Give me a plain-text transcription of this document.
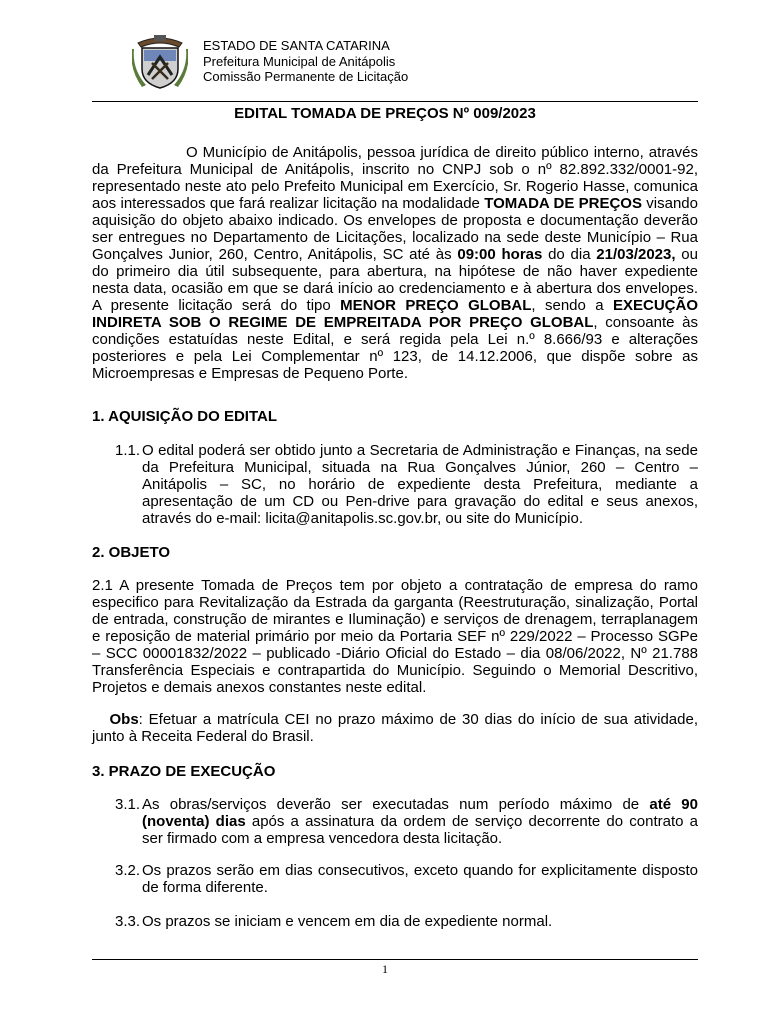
ESTADO DE SANTA CATARINA
Prefeitura Municipal de Anitápolis
Comissão Permanente de Licitação
EDITAL TOMADA DE PREÇOS Nº 009/2023
O Município de Anitápolis, pessoa jurídica de direito público interno, através da Prefeitura Municipal de Anitápolis, inscrito no CNPJ sob o nº 82.892.332/0001-92, representado neste ato pelo Prefeito Municipal em Exercício, Sr. Rogerio Hasse, comunica aos interessados que fará realizar licitação na modalidade TOMADA DE PREÇOS visando aquisição do objeto abaixo indicado. Os envelopes de proposta e documentação deverão ser entregues no Departamento de Licitações, localizado na sede deste Município – Rua Gonçalves Junior, 260, Centro, Anitápolis, SC até às 09:00 horas do dia 21/03/2023, ou do primeiro dia útil subsequente, para abertura, na hipótese de não haver expediente nesta data, ocasião em que se dará início ao credenciamento e à abertura dos envelopes. A presente licitação será do tipo MENOR PREÇO GLOBAL, sendo a EXECUÇÃO INDIRETA SOB O REGIME DE EMPREITADA POR PREÇO GLOBAL, consoante às condições estatuídas neste Edital, e será regida pela Lei n.º 8.666/93 e alterações posteriores e pela Lei Complementar nº 123, de 14.12.2006, que dispõe sobre as Microempresas e Empresas de Pequeno Porte.
1. AQUISIÇÃO DO EDITAL
1.1. O edital poderá ser obtido junto a Secretaria de Administração e Finanças, na sede da Prefeitura Municipal, situada na Rua Gonçalves Júnior, 260 – Centro – Anitápolis – SC, no horário de expediente desta Prefeitura, mediante a apresentação de um CD ou Pen-drive para gravação do edital e seus anexos, através do e-mail: licita@anitapolis.sc.gov.br, ou site do Município.
2. OBJETO
2.1 A presente Tomada de Preços tem por objeto a contratação de empresa do ramo especifico para Revitalização da Estrada da garganta (Reestruturação, sinalização, Portal de entrada, construção de mirantes e Iluminação) e serviços de drenagem, terraplanagem e reposição de material primário por meio da Portaria SEF nº 229/2022 – Processo SGPe – SCC 00001832/2022 – publicado -Diário Oficial do Estado – dia 08/06/2022, Nº 21.788 Transferência Especiais e contrapartida do Município. Seguindo o Memorial Descritivo, Projetos e demais anexos constantes neste edital.
Obs: Efetuar a matrícula CEI no prazo máximo de 30 dias do início de sua atividade, junto à Receita Federal do Brasil.
3. PRAZO DE EXECUÇÃO
3.1. As obras/serviços deverão ser executadas num período máximo de até 90 (noventa) dias após a assinatura da ordem de serviço decorrente do contrato a ser firmado com a empresa vencedora desta licitação.
3.2. Os prazos serão em dias consecutivos, exceto quando for explicitamente disposto de forma diferente.
3.3. Os prazos se iniciam e vencem em dia de expediente normal.
1
